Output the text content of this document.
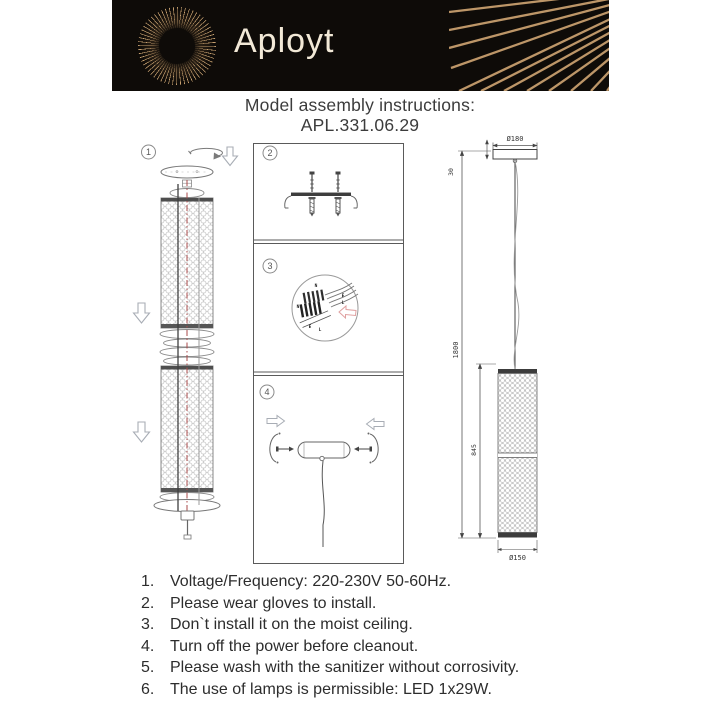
Aployt
Model assembly instructions:
APL.331.06.29
1	2
3
N
E
L
N
E
L
4
Ø180
30
1800
845
Ø150
1. Voltage/Frequency: 220-230V 50-60Hz.
2. Please wear gloves to install.
3. Don`t install it on the moist ceiling.
4. Turn off the power before cleanout.
5. Please wash with the sanitizer without corrosivity.
6. The use of lamps is permissible: LED 1x29W.
